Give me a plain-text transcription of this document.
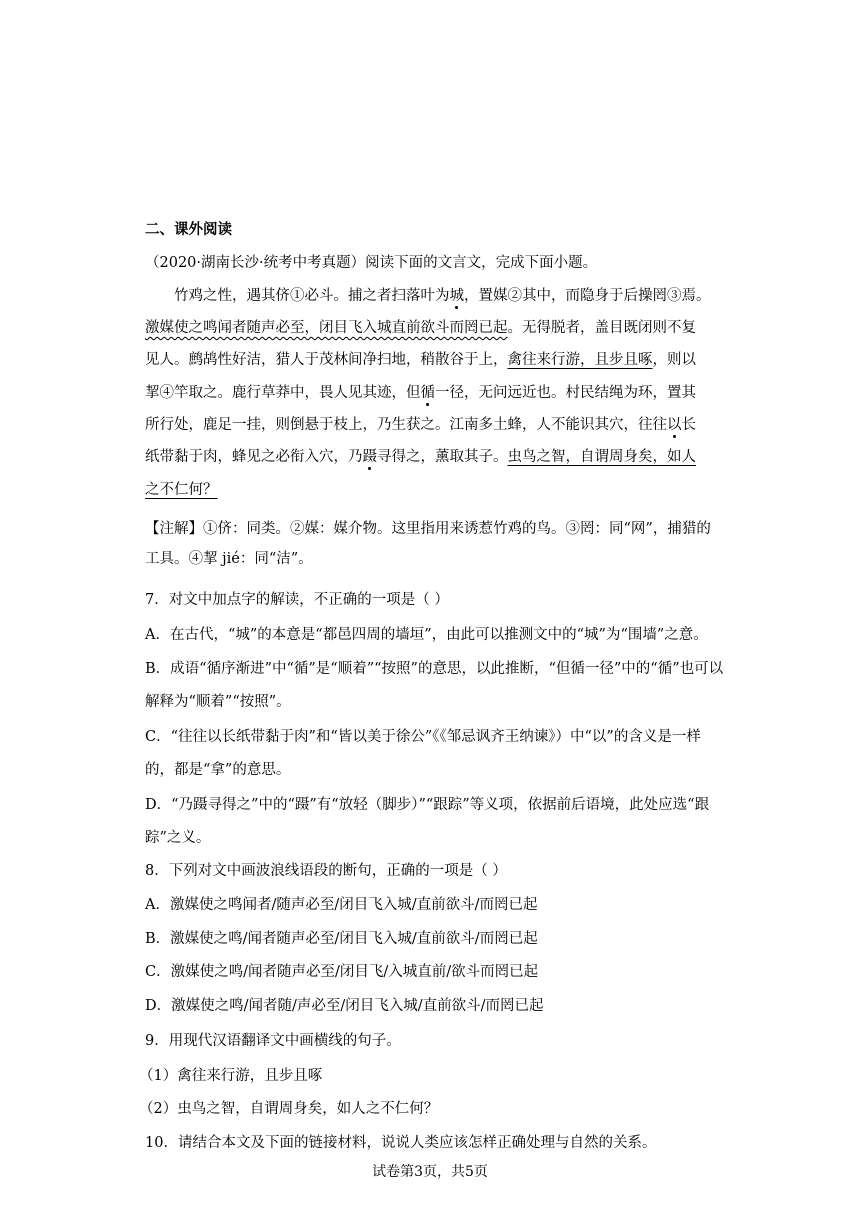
二、课外阅读
（2020·湖南长沙·统考中考真题）阅读下面的文言文，完成下面小题。
竹鸡之性，遇其侪①必斗。捕之者扫落叶为城，置媒②其中，而隐身于后操罔③焉。
激媒使之鸣闻者随声必至，闭目飞入城直前欲斗而罔已起。无得脱者，盖目既闭则不复
见人。鹧鸪性好洁，猎人于茂林间净扫地，稍散谷于上，禽往来行游，且步且啄，则以
挈④竿取之。鹿行草莽中，畏人见其迹，但循一径，无问远近也。村民结绳为环，置其
所行处，鹿足一挂，则倒悬于枝上，乃生获之。江南多土蜂，人不能识其穴，往往以长
纸带黏于肉，蜂见之必衔入穴，乃蹑寻得之，薰取其子。虫鸟之智，自谓周身矣，如人
之不仁何？
【注解】①侪：同类。②媒：媒介物。这里指用来诱惹竹鸡的鸟。③罔：同“网”，捕猎的工具。④挈 jié：同“洁”。
7．对文中加点字的解读，不正确的一项是（ ）
A．在古代，“城”的本意是“都邑四周的墙垣”，由此可以推测文中的“城”为“围墙”之意。
B．成语“循序渐进”中“循”是“顺着”“按照”的意思，以此推断，“但循一径”中的“循”也可以解释为“顺着”“按照”。
C．“往往以长纸带黏于肉”和“皆以美于徐公”《《邹忌讽齐王纳谏》）中“以”的含义是一样的，都是“拿”的意思。
D．“乃蹑寻得之”中的“蹑”有“放轻（脚步）”“跟踪”等义项，依据前后语境，此处应选“跟踪”之义。
8．下列对文中画波浪线语段的断句，正确的一项是（ ）
A．激媒使之鸣闻者/随声必至/闭目飞入城/直前欲斗/而罔已起
B．激媒使之鸣/闻者随声必至/闭目飞入城/直前欲斗/而罔已起
C．激媒使之鸣/闻者随声必至/闭目飞/入城直前/欲斗而罔已起
D．激媒使之鸣/闻者随/声必至/闭目飞入城/直前欲斗/而罔已起
9．用现代汉语翻译文中画横线的句子。
（1）禽往来行游，且步且啄
（2）虫鸟之智，自谓周身矣，如人之不仁何？
10．请结合本文及下面的链接材料，说说人类应该怎样正确处理与自然的关系。
试卷第3页，共5页
